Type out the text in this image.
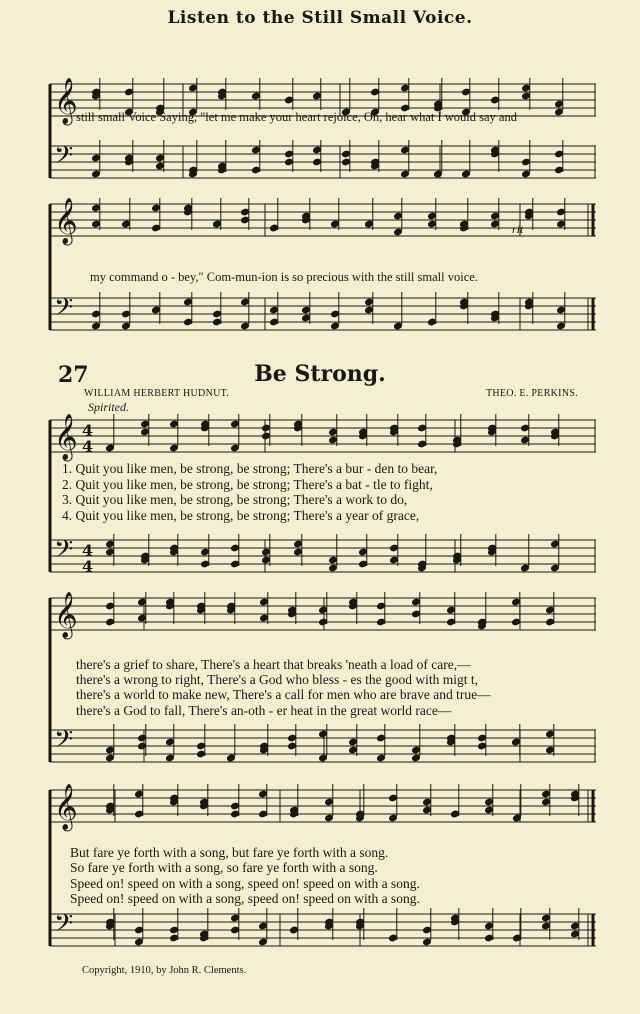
Listen to the Still Small Voice.
𝄞
𝄢
still small Voice Saying, "let me make your heart rejoice, Oh, hear what I would say and
𝄞
𝄢
rit
my command o - bey," Com-mun-ion is so precious with the still small voice.
27	Be Strong.
WILLIAM HERBERT HUDNUT.	THEO. E. PERKINS.
Spirited.
𝄞
𝄢
4
4
4
4
1. Quit you like men, be strong, be strong; There's a bur - den to bear,
2. Quit you like men, be strong, be strong; There's a bat - tle to fight,
3. Quit you like men, be strong, be strong; There's a work to do,
4. Quit you like men, be strong, be strong; There's a year of grace,
𝄞
𝄢
there's a grief to share, There's a heart that breaks 'neath a load of care,—
there's a wrong to right, There's a God who bless - es the good with migt t,
there's a world to make new, There's a call for men who are brave and true—
there's a God to fall, There's an-oth - er heat in the great world race—
𝄞
𝄢
But fare ye forth with a song, but fare ye forth with a song.
So fare ye forth with a song, so fare ye forth with a song.
Speed on! speed on with a song, speed on! speed on with a song.
Speed on! speed on with a song, speed on! speed on with a song.
Copyright, 1910, by John R. Clements.
